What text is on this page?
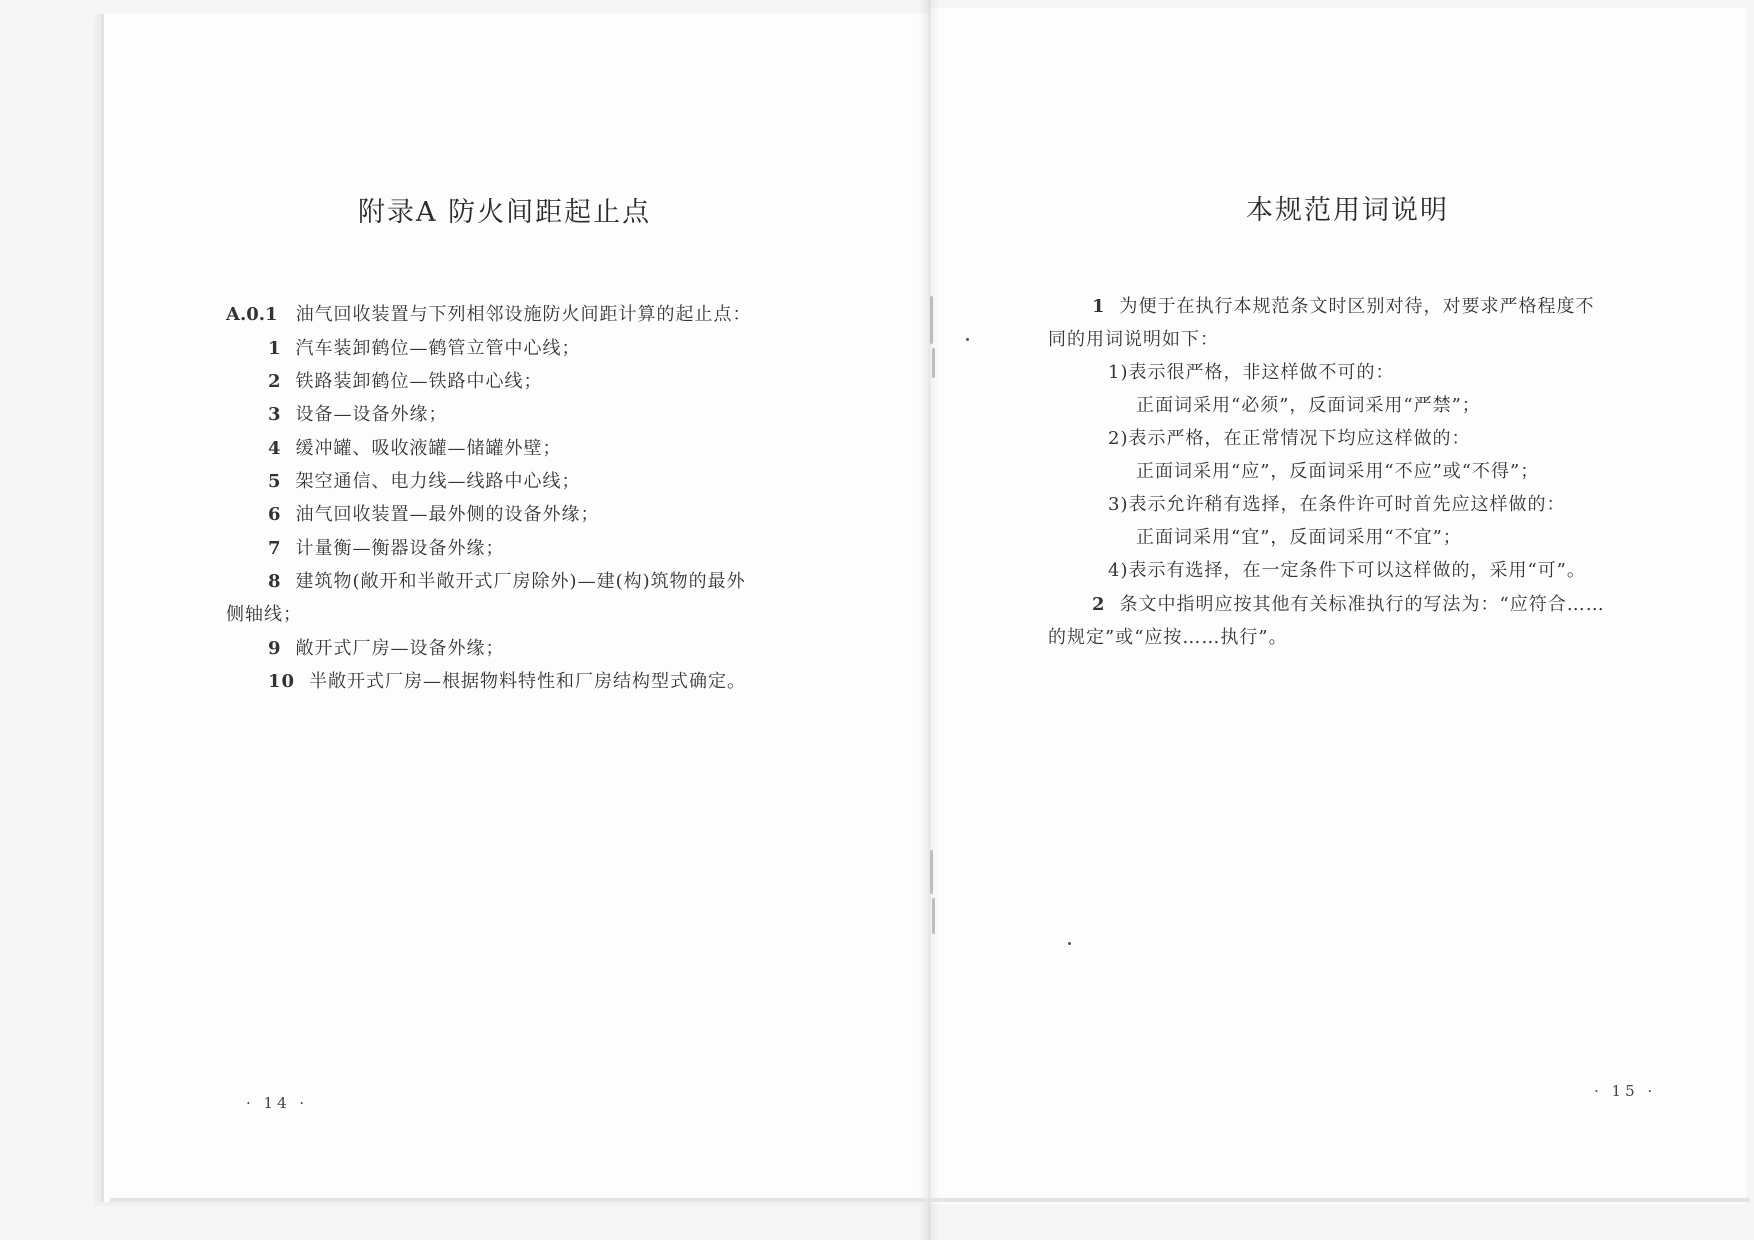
附录A 防火间距起止点
A.0.1 油气回收装置与下列相邻设施防火间距计算的起止点：
1 汽车装卸鹤位—鹤管立管中心线；
2 铁路装卸鹤位—铁路中心线；
3 设备—设备外缘；
4 缓冲罐、吸收液罐—储罐外壁；
5 架空通信、电力线—线路中心线；
6 油气回收装置—最外侧的设备外缘；
7 计量衡—衡器设备外缘；
8 建筑物(敞开和半敞开式厂房除外)—建(构)筑物的最外
侧轴线；
9 敞开式厂房—设备外缘；
10 半敞开式厂房—根据物料特性和厂房结构型式确定。
· 14 ·
本规范用词说明
1 为便于在执行本规范条文时区别对待，对要求严格程度不
同的用词说明如下：
1)表示很严格，非这样做不可的：
正面词采用“必须”，反面词采用“严禁”；
2)表示严格，在正常情况下均应这样做的：
正面词采用“应”，反面词采用“不应”或“不得”；
3)表示允许稍有选择，在条件许可时首先应这样做的：
正面词采用“宜”，反面词采用“不宜”；
4)表示有选择，在一定条件下可以这样做的，采用“可”。
2 条文中指明应按其他有关标准执行的写法为：“应符合……
的规定”或“应按……执行”。
· 15 ·
